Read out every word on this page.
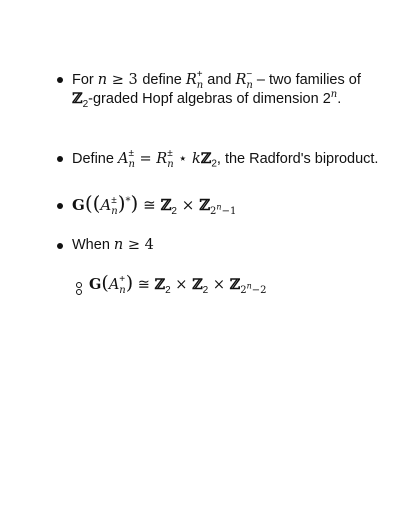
For n ≥ 3 define R+
n and R−
n – two families of
ℤ$_2$-graded Hopf algebras of dimension 2$^n$.
Define A±
n = R±
n ⋆ kℤ$_2$, the Radford's biproduct.
G((A±
n)*) ≅ ℤ$_2$ × ℤ$_{2^n-1}$
When n ≥ 4
G(A+
n) ≅ ℤ$_2$ × ℤ$_2$ × ℤ$_{2^n-2}$
